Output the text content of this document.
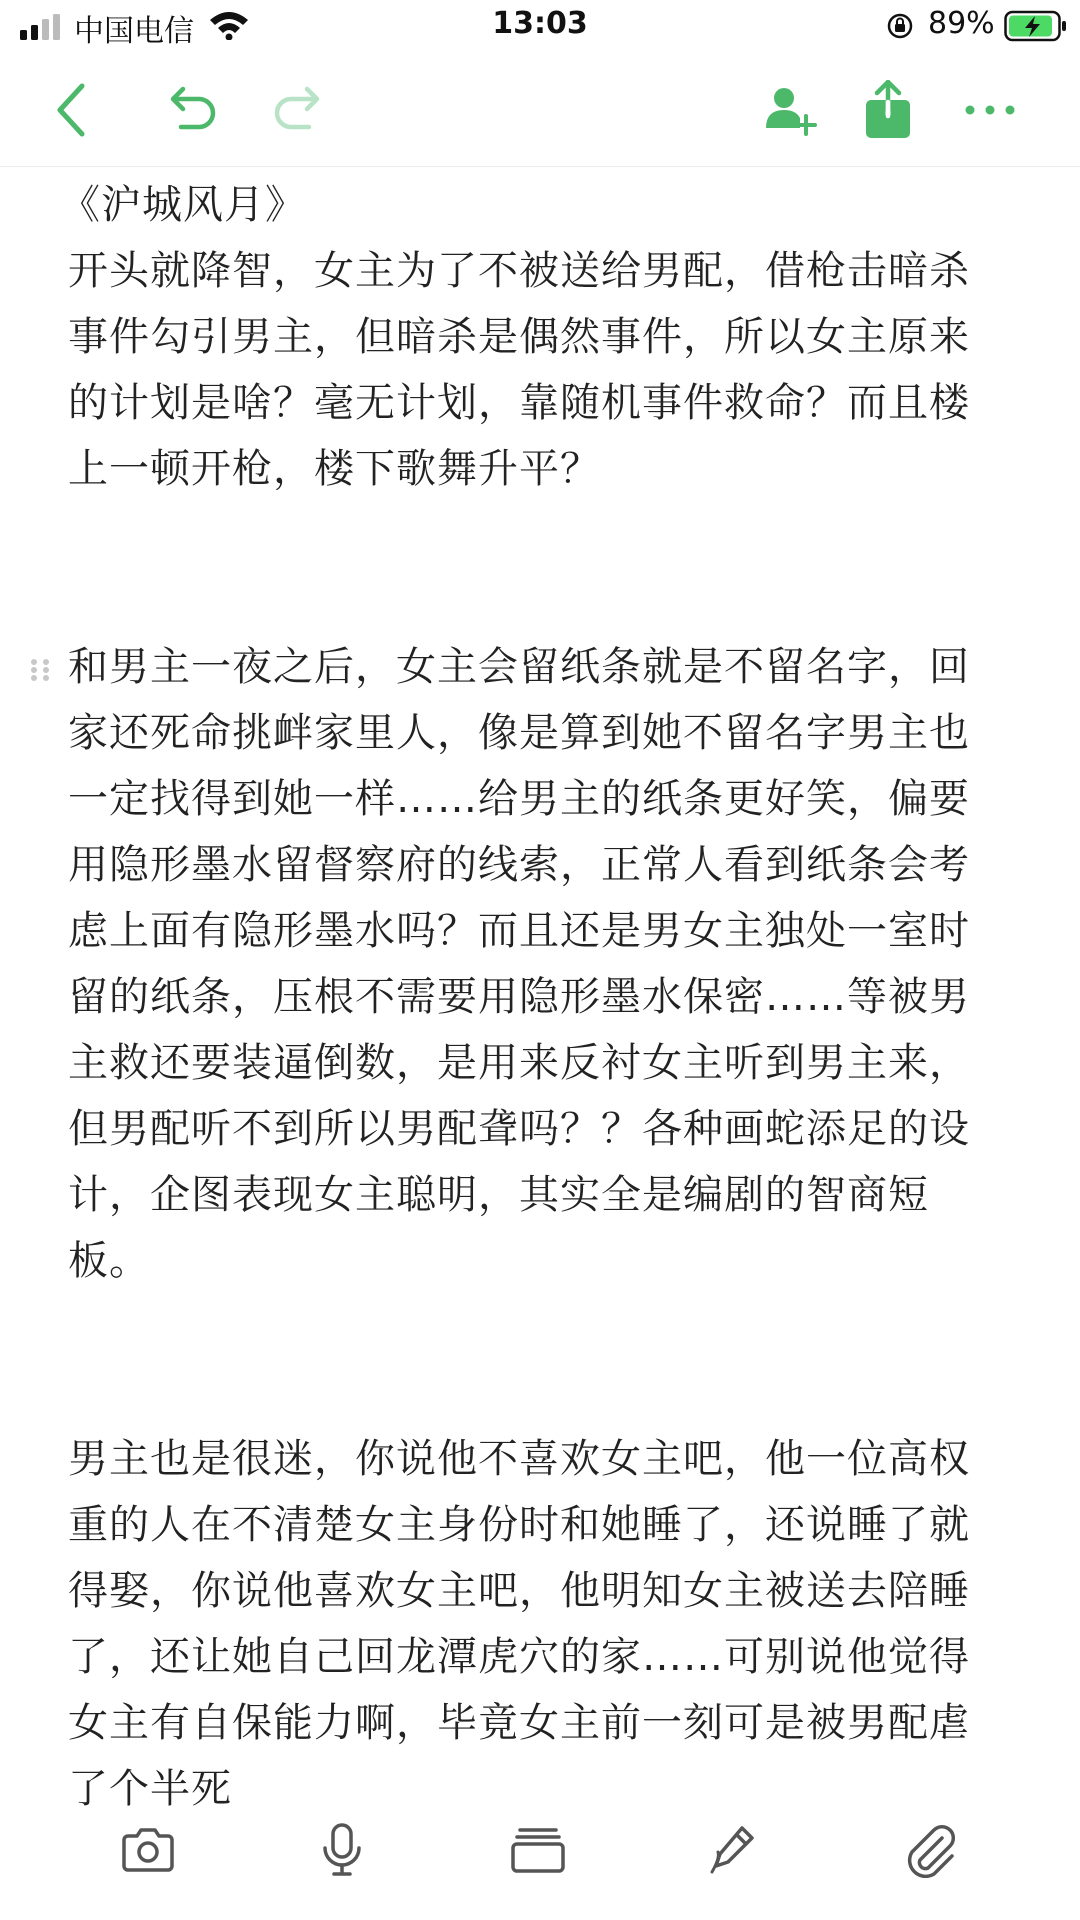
中国电信	13:03	89%
《沪城风月》
开头就降智，女主为了不被送给男配，借枪击暗杀事件勾引男主，但暗杀是偶然事件，所以女主原来的计划是啥？毫无计划，靠随机事件救命？而且楼上一顿开枪，楼下歌舞升平？
和男主一夜之后，女主会留纸条就是不留名字，回家还死命挑衅家里人，像是算到她不留名字男主也一定找得到她一样……给男主的纸条更好笑，偏要用隐形墨水留督察府的线索，正常人看到纸条会考虑上面有隐形墨水吗？而且还是男女主独处一室时留的纸条，压根不需要用隐形墨水保密……等被男主救还要装逼倒数，是用来反衬女主听到男主来，但男配听不到所以男配聋吗？？各种画蛇添足的设计，企图表现女主聪明，其实全是编剧的智商短板。
男主也是很迷，你说他不喜欢女主吧，他一位高权重的人在不清楚女主身份时和她睡了，还说睡了就得娶，你说他喜欢女主吧，他明知女主被送去陪睡了，还让她自己回龙潭虎穴的家……可别说他觉得女主有自保能力啊，毕竟女主前一刻可是被男配虐了个半死
